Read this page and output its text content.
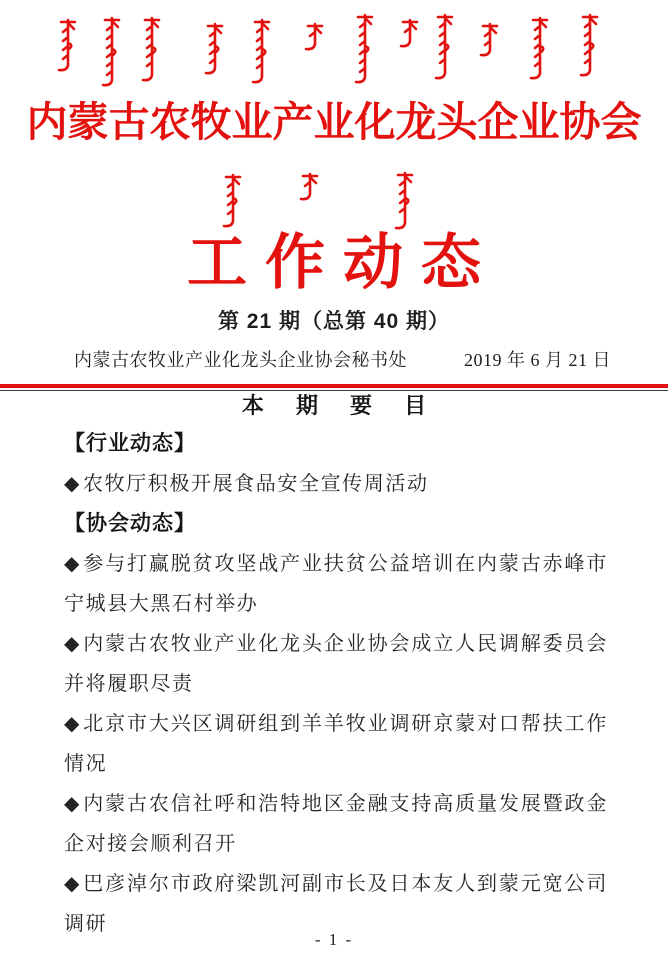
内蒙古农牧业产业化龙头企业协会
工作动态
第 21 期（总第 40 期）
内蒙古农牧业产业化龙头企业协会秘书处	2019 年 6 月 21 日
本 期 要 目
【行业动态】
◆ 农牧厅积极开展食品安全宣传周活动
【协会动态】
◆ 参与打赢脱贫攻坚战产业扶贫公益培训在内蒙古赤峰市宁城县大黑石村举办
◆ 内蒙古农牧业产业化龙头企业协会成立人民调解委员会并将履职尽责
◆ 北京市大兴区调研组到羊羊牧业调研京蒙对口帮扶工作情况
◆ 内蒙古农信社呼和浩特地区金融支持高质量发展暨政金企对接会顺利召开
◆ 巴彦淖尔市政府梁凯河副市长及日本友人到蒙元宽公司调研
- 1 -
